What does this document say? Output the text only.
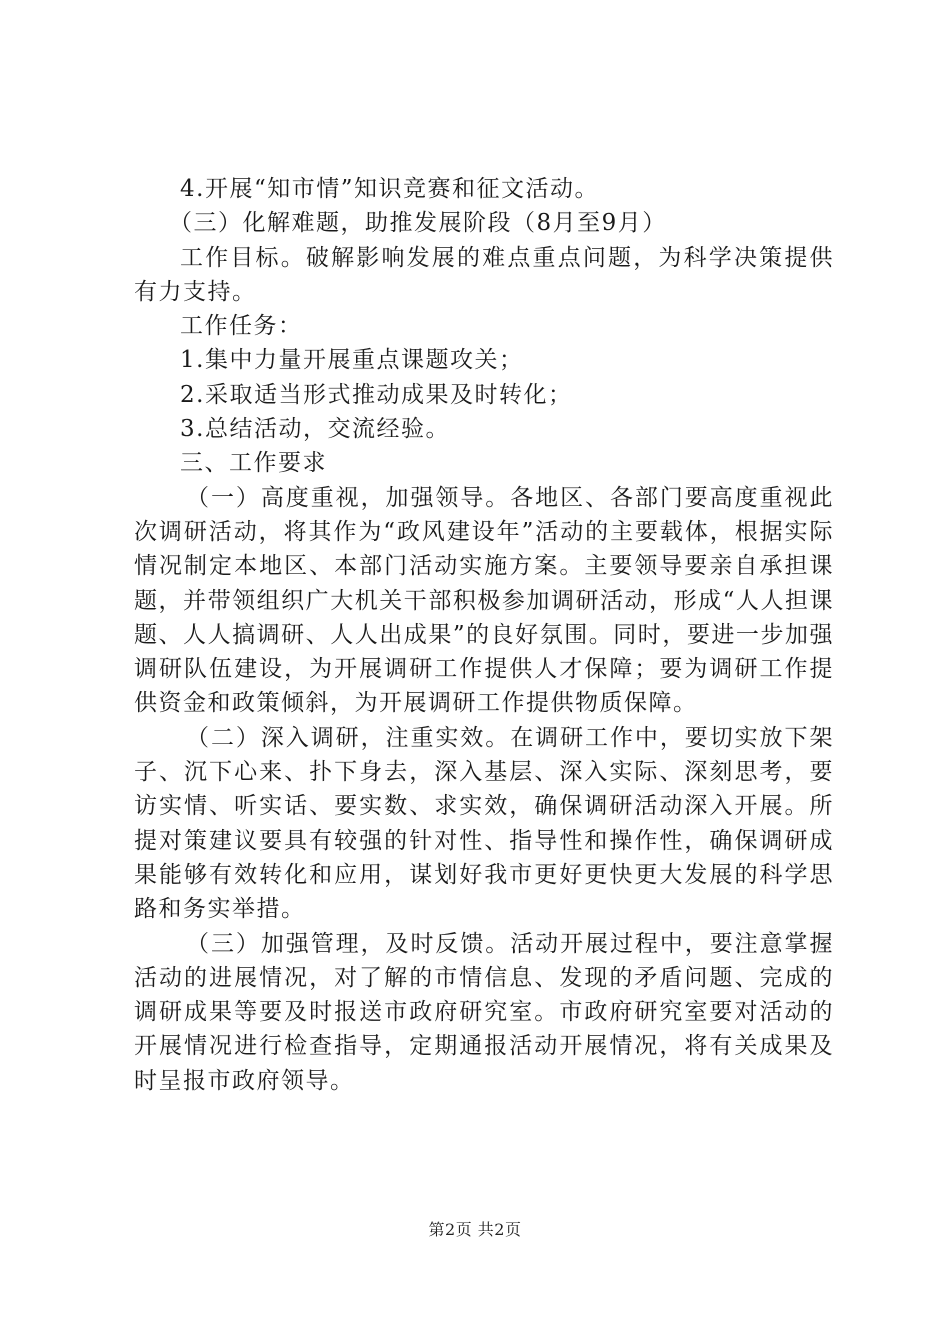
4.开展“知市情”知识竞赛和征文活动。

（三）化解难题，助推发展阶段（8月至9月）

工作目标。破解影响发展的难点重点问题，为科学决策提供有力支持。

工作任务：

1.集中力量开展重点课题攻关；

2.采取适当形式推动成果及时转化；

3.总结活动，交流经验。

三、工作要求

（一）高度重视，加强领导。各地区、各部门要高度重视此次调研活动，将其作为“政风建设年”活动的主要载体，根据实际情况制定本地区、本部门活动实施方案。主要领导要亲自承担课题，并带领组织广大机关干部积极参加调研活动，形成“人人担课题、人人搞调研、人人出成果”的良好氛围。同时，要进一步加强调研队伍建设，为开展调研工作提供人才保障；要为调研工作提供资金和政策倾斜，为开展调研工作提供物质保障。

（二）深入调研，注重实效。在调研工作中，要切实放下架子、沉下心来、扑下身去，深入基层、深入实际、深刻思考，要访实情、听实话、要实数、求实效，确保调研活动深入开展。所提对策建议要具有较强的针对性、指导性和操作性，确保调研成果能够有效转化和应用，谋划好我市更好更快更大发展的科学思路和务实举措。

（三）加强管理，及时反馈。活动开展过程中，要注意掌握活动的进展情况，对了解的市情信息、发现的矛盾问题、完成的调研成果等要及时报送市政府研究室。市政府研究室要对活动的开展情况进行检查指导，定期通报活动开展情况，将有关成果及时呈报市政府领导。

第2页 共2页
